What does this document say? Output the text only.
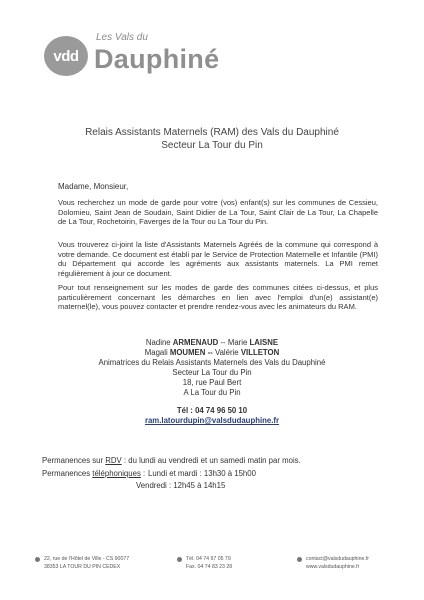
vdd
Les Vals du
Dauphiné
Relais Assistants Maternels (RAM) des Vals du Dauphiné
Secteur La Tour du Pin
Madame, Monsieur,
Vous recherchez un mode de garde pour votre (vos) enfant(s) sur les communes de Cessieu, Dolomieu, Saint Jean de Soudain, Saint Didier de La Tour, Saint Clair de La Tour, La Chapelle de La Tour, Rochetoirin, Faverges de la Tour ou La Tour du Pin.
Vous trouverez ci-joint la liste d'Assistants Maternels Agréés de la commune qui correspond à votre demande. Ce document est établi par le Service de Protection Maternelle et Infantile (PMI) du Département qui accorde les agréments aux assistants maternels. La PMI remet régulièrement à jour ce document.
Pour tout renseignement sur les modes de garde des communes citées ci-dessus, et plus particulièrement concernant les démarches en lien avec l'emploi d'un(e) assistant(e) maternel(le), vous pouvez contacter et prendre rendez-vous avec les animateurs du RAM.
Nadine ARMENAUD -- Marie LAISNE
Magali MOUMEN -- Valérie VILLETON
Animatrices du Relais Assistants Maternels des Vals du Dauphiné
Secteur La Tour du Pin
18, rue Paul Bert
A La Tour du Pin
Tél : 04 74 96 50 10
ram.latourdupin@valsdudauphine.fr
Permanences sur RDV : du lundi au vendredi et un samedi matin par mois.
Permanences téléphoniques : Lundi et mardi : 13h30 à 15h00
Vendredi : 12h45 à 14h15
22, rue de l'Hôtel de Ville - CS 90077
38353 LA TOUR DU PIN CEDEX
Tél. 04 74 97 05 79
Fax. 04 74 83 23 28
contact@valsdudauphine.fr
www.valsdudauphine.fr
